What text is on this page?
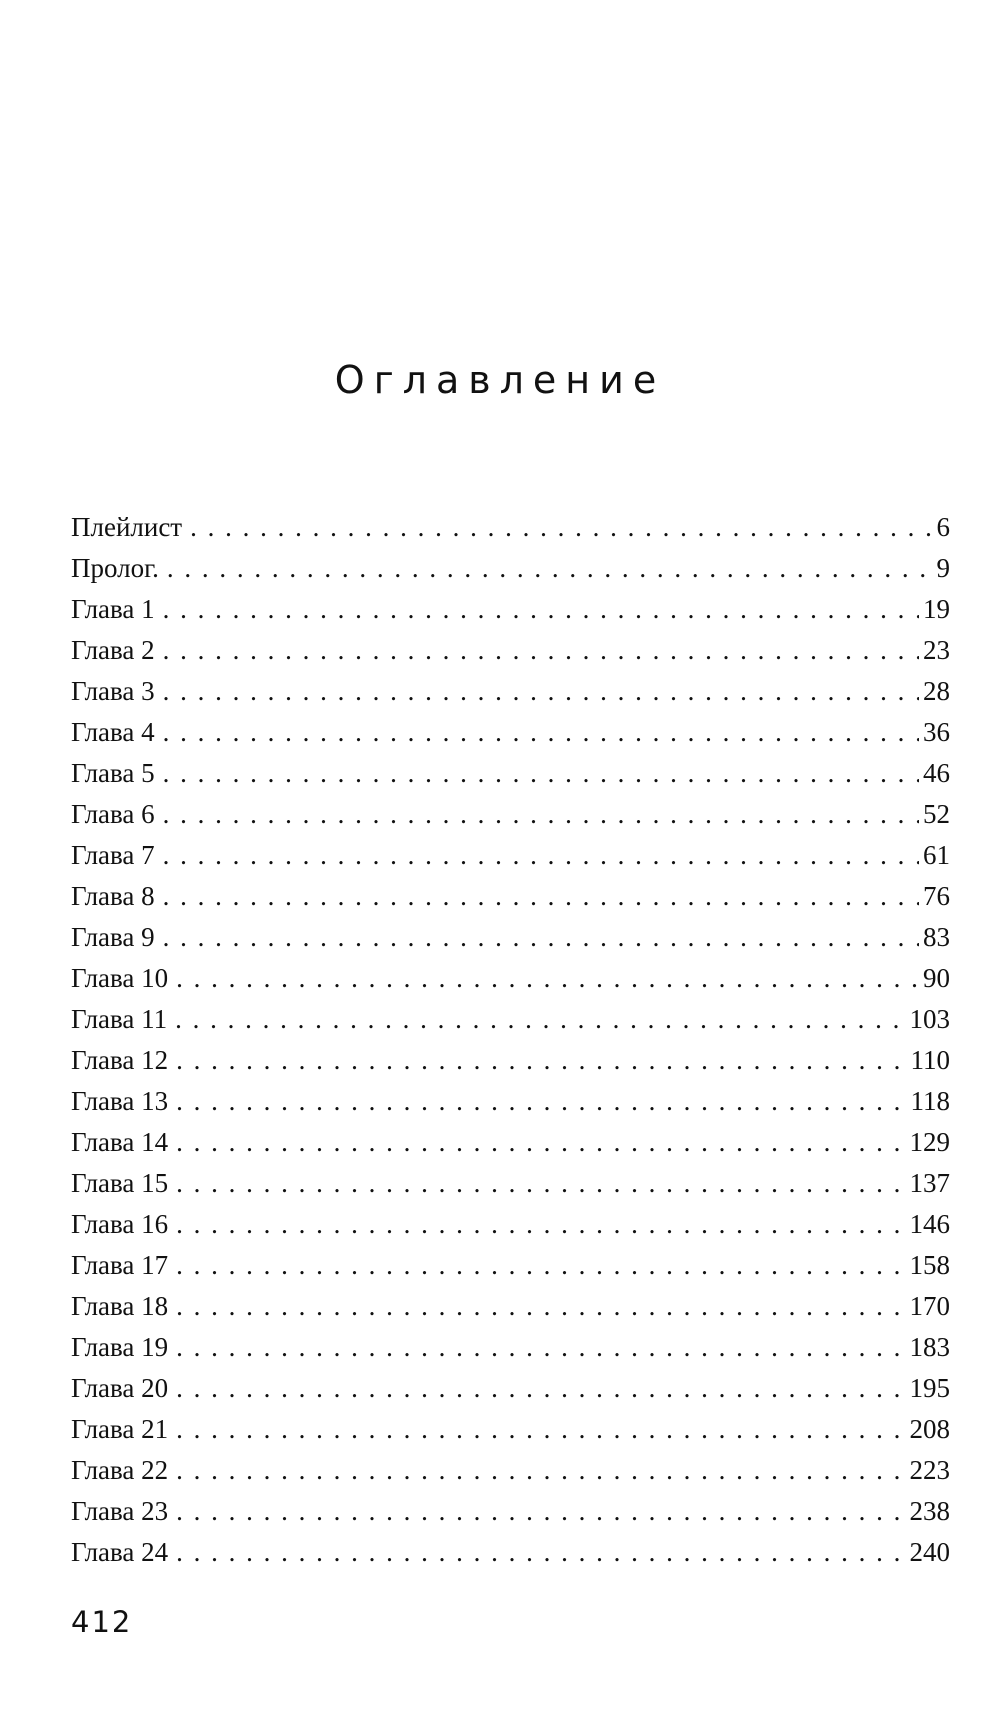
Оглавление
Плейлист . . .	6
Пролог. . . .	9
Глава 1 . . .	19
Глава 2 . . .	23
Глава 3 . . .	28
Глава 4 . . .	36
Глава 5 . . .	46
Глава 6 . . .	52
Глава 7 . . .	61
Глава 8 . . .	76
Глава 9 . . .	83
Глава 10 . . .	90
Глава 11 . . .	103
Глава 12 . . .	110
Глава 13 . . .	118
Глава 14 . . .	129
Глава 15 . . .	137
Глава 16 . . .	146
Глава 17 . . .	158
Глава 18 . . .	170
Глава 19 . . .	183
Глава 20 . . .	195
Глава 21 . . .	208
Глава 22 . . .	223
Глава 23 . . .	238
Глава 24 . . .	240
412
